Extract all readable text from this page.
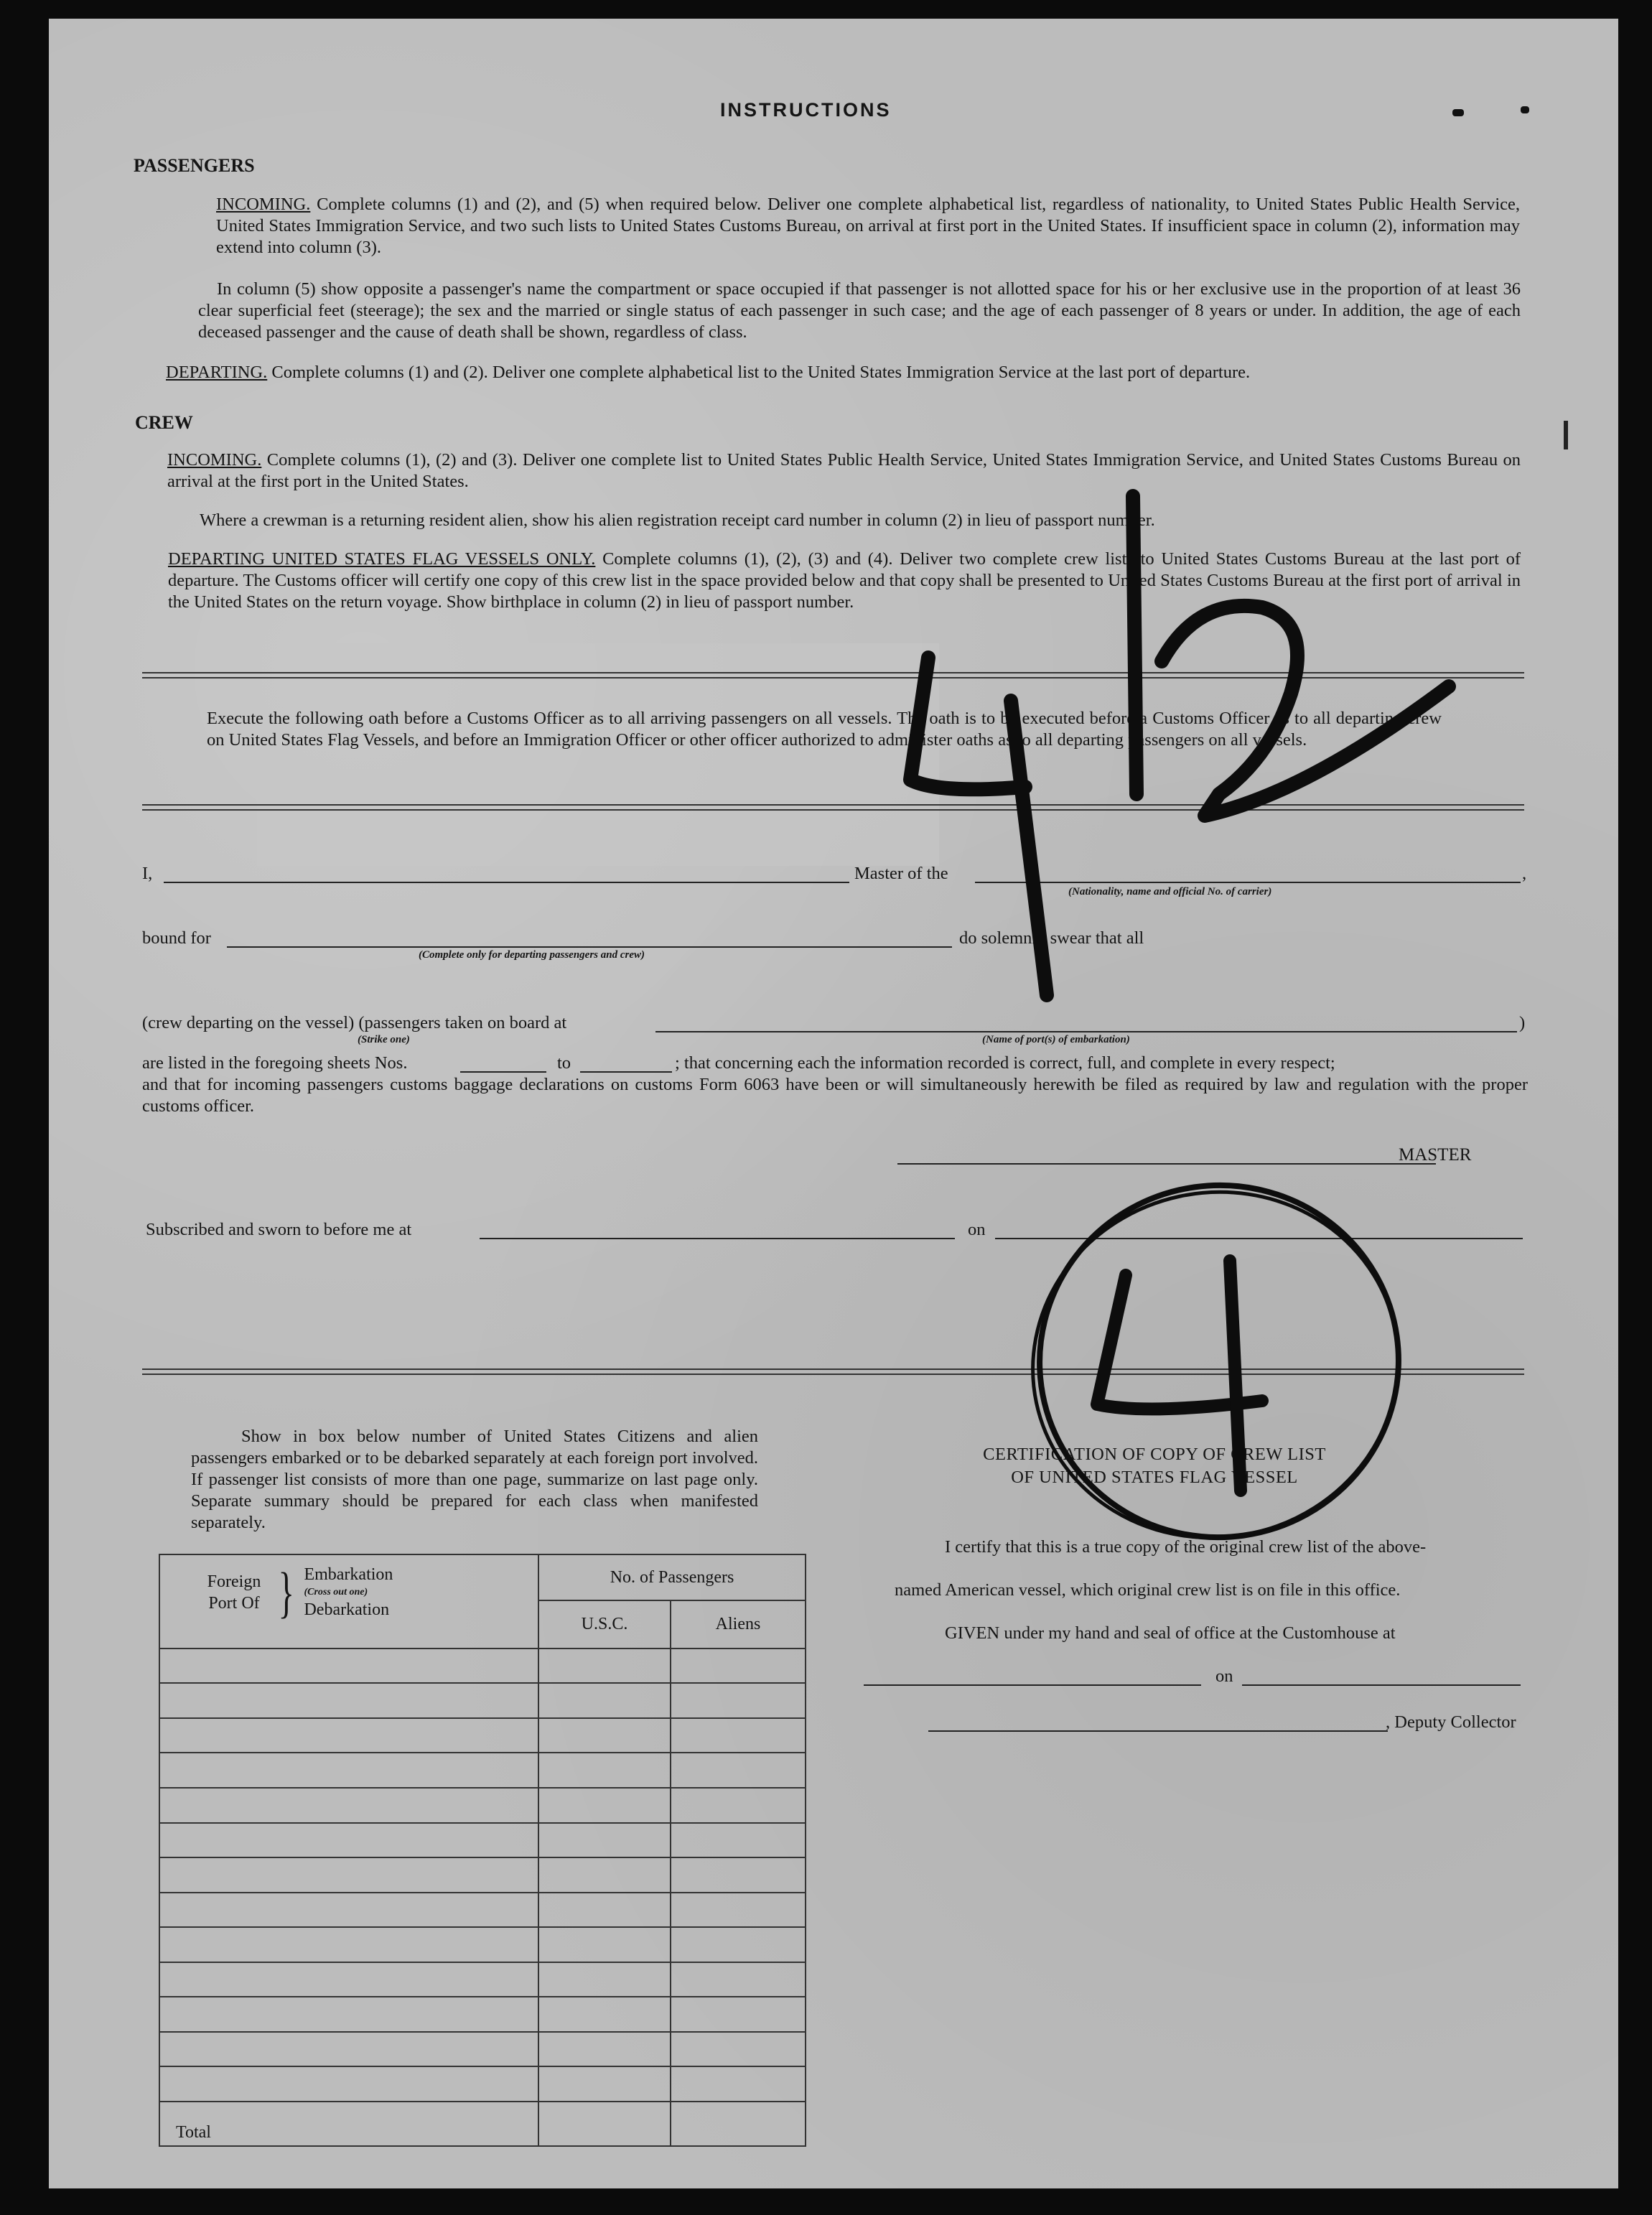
INSTRUCTIONS
PASSENGERS
INCOMING. Complete columns (1) and (2), and (5) when required below. Deliver one complete alphabetical list, regardless of nationality, to United States Public Health Service, United States Immigration Service, and two such lists to United States Customs Bureau, on arrival at first port in the United States. If insufficient space in column (2), information may extend into column (3).
In column (5) show opposite a passenger's name the compartment or space occupied if that passenger is not allotted space for his or her exclusive use in the proportion of at least 36 clear superficial feet (steerage); the sex and the married or single status of each passenger in such case; and the age of each passenger of 8 years or under. In addition, the age of each deceased passenger and the cause of death shall be shown, regardless of class.
DEPARTING. Complete columns (1) and (2). Deliver one complete alphabetical list to the United States Immigration Service at the last port of departure.
CREW
INCOMING. Complete columns (1), (2) and (3). Deliver one complete list to United States Public Health Service, United States Immigration Service, and United States Customs Bureau on arrival at the first port in the United States.
Where a crewman is a returning resident alien, show his alien registration receipt card number in column (2) in lieu of passport number.
DEPARTING UNITED STATES FLAG VESSELS ONLY. Complete columns (1), (2), (3) and (4). Deliver two complete crew lists to United States Customs Bureau at the last port of departure. The Customs officer will certify one copy of this crew list in the space provided below and that copy shall be presented to United States Customs Bureau at the first port of arrival in the United States on the return voyage. Show birthplace in column (2) in lieu of passport number.
Execute the following oath before a Customs Officer as to all arriving passengers on all vessels. The oath is to be executed before a Customs Officer as to all departing crew on United States Flag Vessels, and before an Immigration Officer or other officer authorized to administer oaths as to all departing passengers on all vessels.
I,	Master of the	,
(Nationality, name and official No. of carrier)
bound for
(Complete only for departing passengers and crew)
do solemnly swear that all
(crew departing on the vessel) (passengers taken on board at	)
(Strike one)	(Name of port(s) of embarkation)
are listed in the foregoing sheets Nos.	to	; that concerning each the information recorded is correct, full, and complete in every respect;
and that for incoming passengers customs baggage declarations on customs Form 6063 have been or will simultaneously herewith be filed as required by law and regulation with the proper customs officer.
MASTER
Subscribed and sworn to before me at	on
Show in box below number of United States Citizens and alien passengers embarked or to be debarked separately at each foreign port involved. If passenger list consists of more than one page, summarize on last page only. Separate summary should be prepared for each class when manifested separately.
Foreign Port Of } Embarkation
(Cross out one)
Debarkation	No. of Passengers	
	U.S.C.	Aliens

Total		
CERTIFICATION OF COPY OF CREW LIST
OF UNITED STATES FLAG VESSEL
I certify that this is a true copy of the original crew list of the above-
named American vessel, which original crew list is on file in this office.
GIVEN under my hand and seal of office at the Customhouse at
on
, Deputy Collector
